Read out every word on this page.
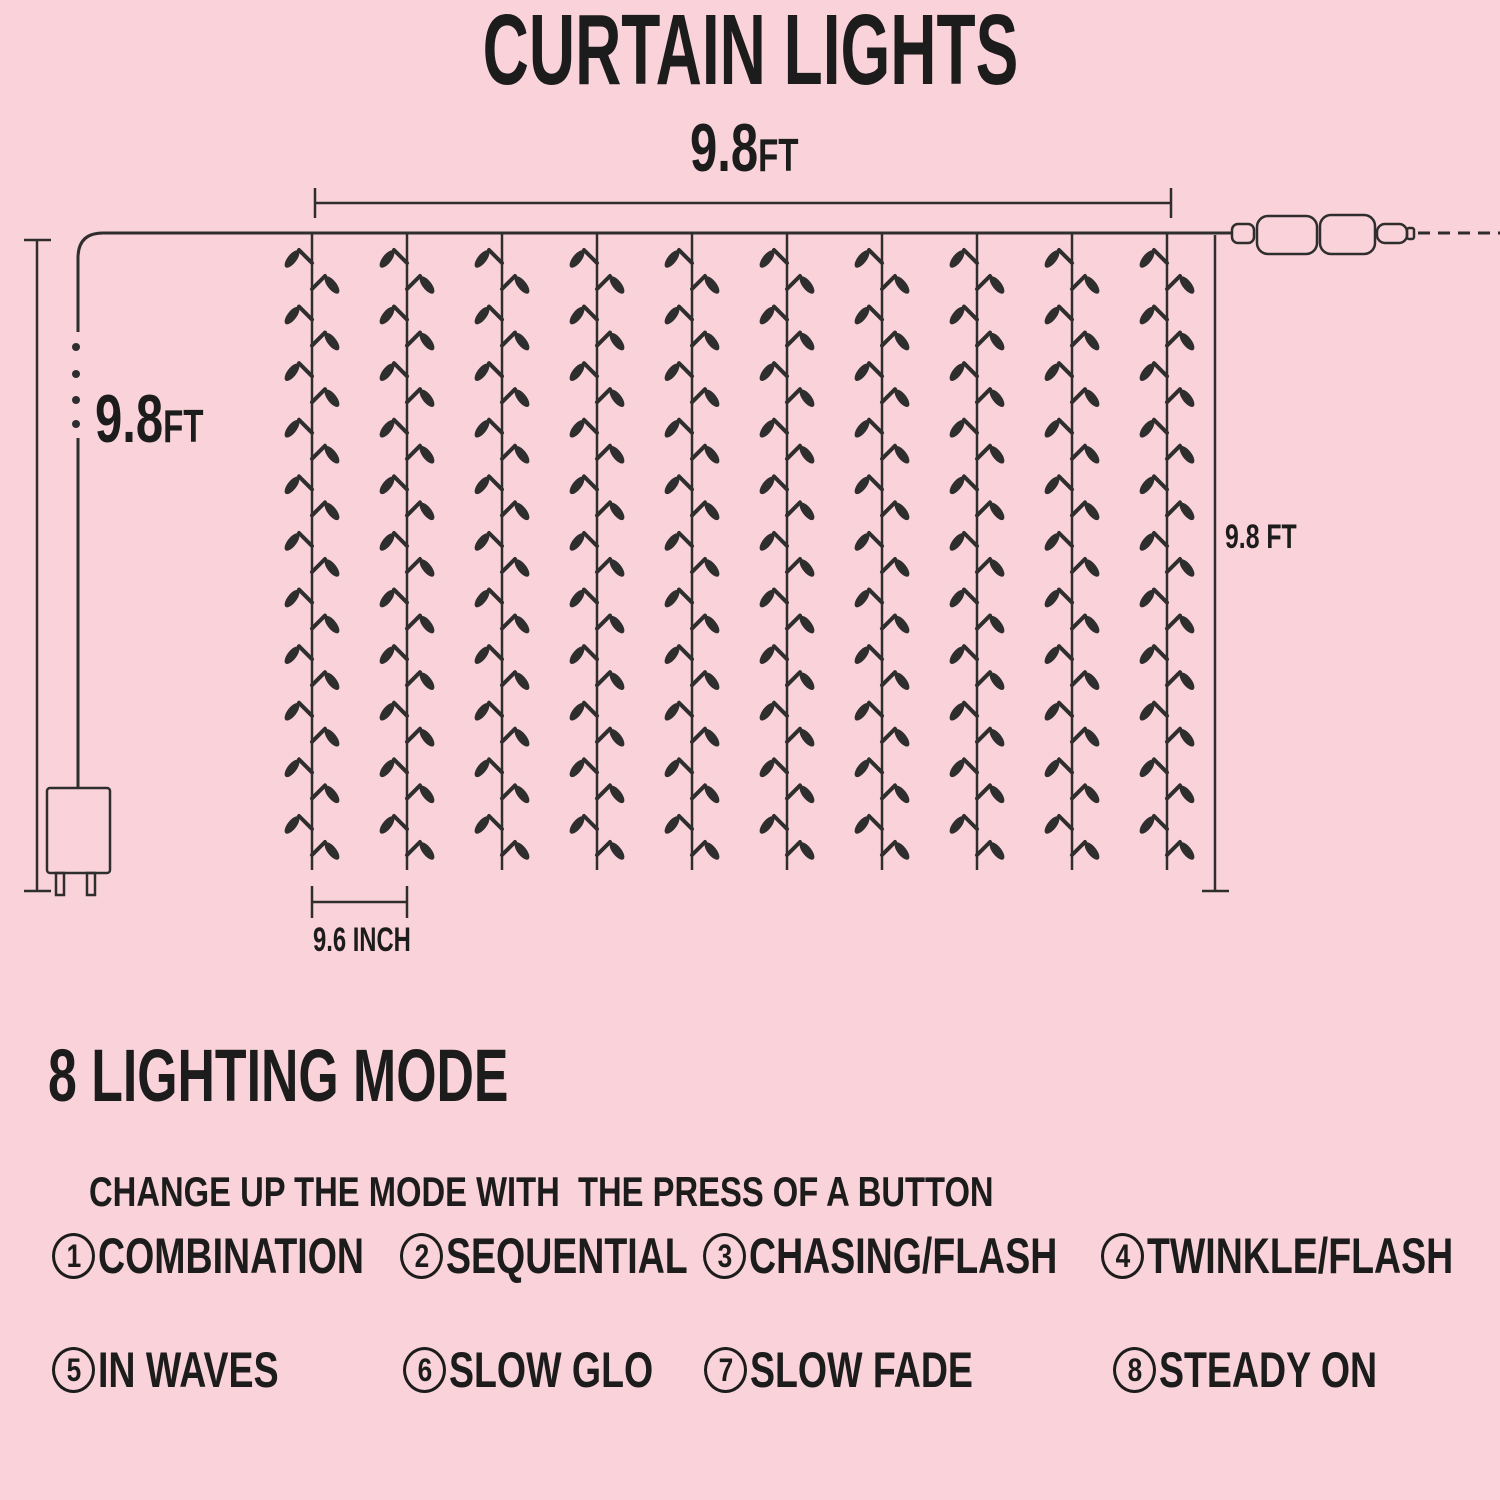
CURTAIN LIGHTS
9.8 FT
9.8 FT
9.8 FT
9.6 INCH
8 LIGHTING MODE

CHANGE UP THE MODE WITH  THE PRESS OF A BUTTON

1 COMBINATION 2 SEQUENTIAL 3 CHASING/FLASH 4 TWINKLE/FLASH
5 IN WAVES	6 SLOW GLO 7 SLOW FADE	8 STEADY ON
